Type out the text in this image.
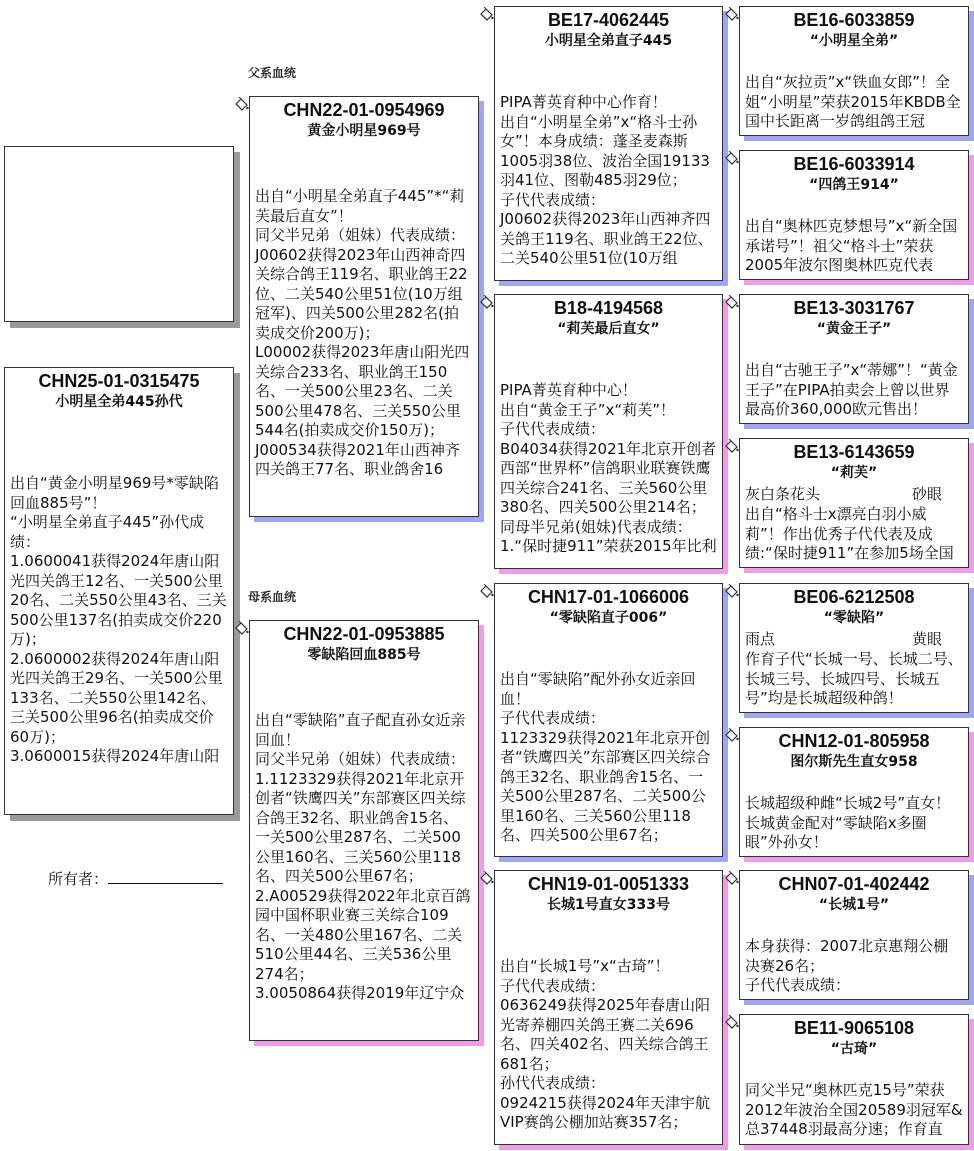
父系血统
母系血统
所有者：
CHN25-01-0315475
小明星全弟445孙代
出自“黄金小明星969号*零缺陷回血885号”！
“小明星全弟直子445”孙代成绩：
1.0600041获得2024年唐山阳光四关鸽王12名、一关500公里20名、二关550公里43名、三关500公里137名(拍卖成交价220万)；
2.0600002获得2024年唐山阳光四关鸽王29名、一关500公里133名、二关550公里142名、三关500公里96名(拍卖成交价60万)；
3.0600015获得2024年唐山阳
CHN22-01-0954969
黄金小明星969号
出自“小明星全弟直子445”*“莉芙最后直女”！
同父半兄弟（姐妹）代表成绩：
J00602获得2023年山西神奇四关综合鸽王119名、职业鸽王22位、二关540公里51位(10万组冠军)、四关500公里282名(拍卖成交价200万)；
L00002获得2023年唐山阳光四关综合233名、职业鸽王150名、一关500公里23名、二关500公里478名、三关550公里544名(拍卖成交价150万)；
J000534获得2021年山西神齐四关鸽王77名、职业鸽舍16
CHN22-01-0953885
零缺陷回血885号
出自“零缺陷”直子配直孙女近亲回血！
同父半兄弟（姐妹）代表成绩：
1.1123329获得2021年北京开创者“铁鹰四关”东部赛区四关综合鸽王32名、职业鸽舍15名、一关500公里287名、二关500公里160名、三关560公里118名、四关500公里67名；
2.A00529获得2022年北京百鸽园中国杯职业赛三关综合109名、一关480公里167名、二关510公里44名、三关536公里274名；
3.0050864获得2019年辽宁众
BE17-4062445
小明星全弟直子445
PIPA菁英育种中心作育！
出自“小明星全弟”x“格斗士孙女”！本身成绩：蓬圣麦森斯1005羽38位、波治全国19133羽41位、图勒485羽29位；
子代代表成绩：
J00602获得2023年山西神齐四关鸽王119名、职业鸽王22位、二关540公里51位(10万组
B18-4194568
“莉芙最后直女”
PIPA菁英育种中心！
出自“黄金王子”x“莉芙”！
子代代表成绩：
B04034获得2021年北京开创者西部“世界杯”信鸽职业联赛铁鹰四关综合241名、三关560公里380名、四关500公里214名；
同母半兄弟(姐妹)代表成绩：
1.“保时捷911”荣获2015年比利
CHN17-01-1066006
“零缺陷直子006”
出自“零缺陷”配外孙女近亲回血！
子代代表成绩：
1123329获得2021年北京开创者“铁鹰四关”东部赛区四关综合鸽王32名、职业鸽舍15名、一关500公里287名、二关500公里160名、三关560公里118名、四关500公里67名；
CHN19-01-0051333
长城1号直女333号
出自“长城1号”x“古琦”！
子代代表成绩：
0636249获得2025年春唐山阳光寄养棚四关鸽王赛二关696名、四关402名、四关综合鸽王681名；
孙代代表成绩：
0924215获得2024年天津宇航VIP赛鸽公棚加站赛357名；
BE16-6033859
“小明星全弟”
出自“灰拉贡”x“铁血女郎”！全姐“小明星”荣获2015年KBDB全国中长距离一岁鸽组鸽王冠
BE16-6033914
“四鸽王914”
出自“奥林匹克梦想号”x“新全国承诺号”！祖父“格斗士”荣获2005年波尔图奥林匹克代表
BE13-3031767
“黄金王子”
出自“古驰王子”x“蒂娜”！“黄金王子”在PIPA拍卖会上曾以世界最高价360,000欧元售出！
BE13-6143659
“莉芙”
灰白条花头	砂眼
出自“格斗士x漂亮白羽小威莉”！作出优秀子代代表及成绩:“保时捷911”在参加5场全国
BE06-6212508
“零缺陷”
雨点	黄眼
作育子代“长城一号、长城二号、长城三号、长城四号、长城五号”均是长城超级种鸽！
CHN12-01-805958
图尔斯先生直女958
长城超级种雌“长城2号”直女！
长城黄金配对“零缺陷x多圈眼”外孙女！
CHN07-01-402442
“长城1号”
本身获得：2007北京惠翔公棚决赛26名；
子代代表成绩：
BE11-9065108
“古琦”
同父半兄“奥林匹克15号”荣获2012年波治全国20589羽冠军&总37448羽最高分速；作育直
